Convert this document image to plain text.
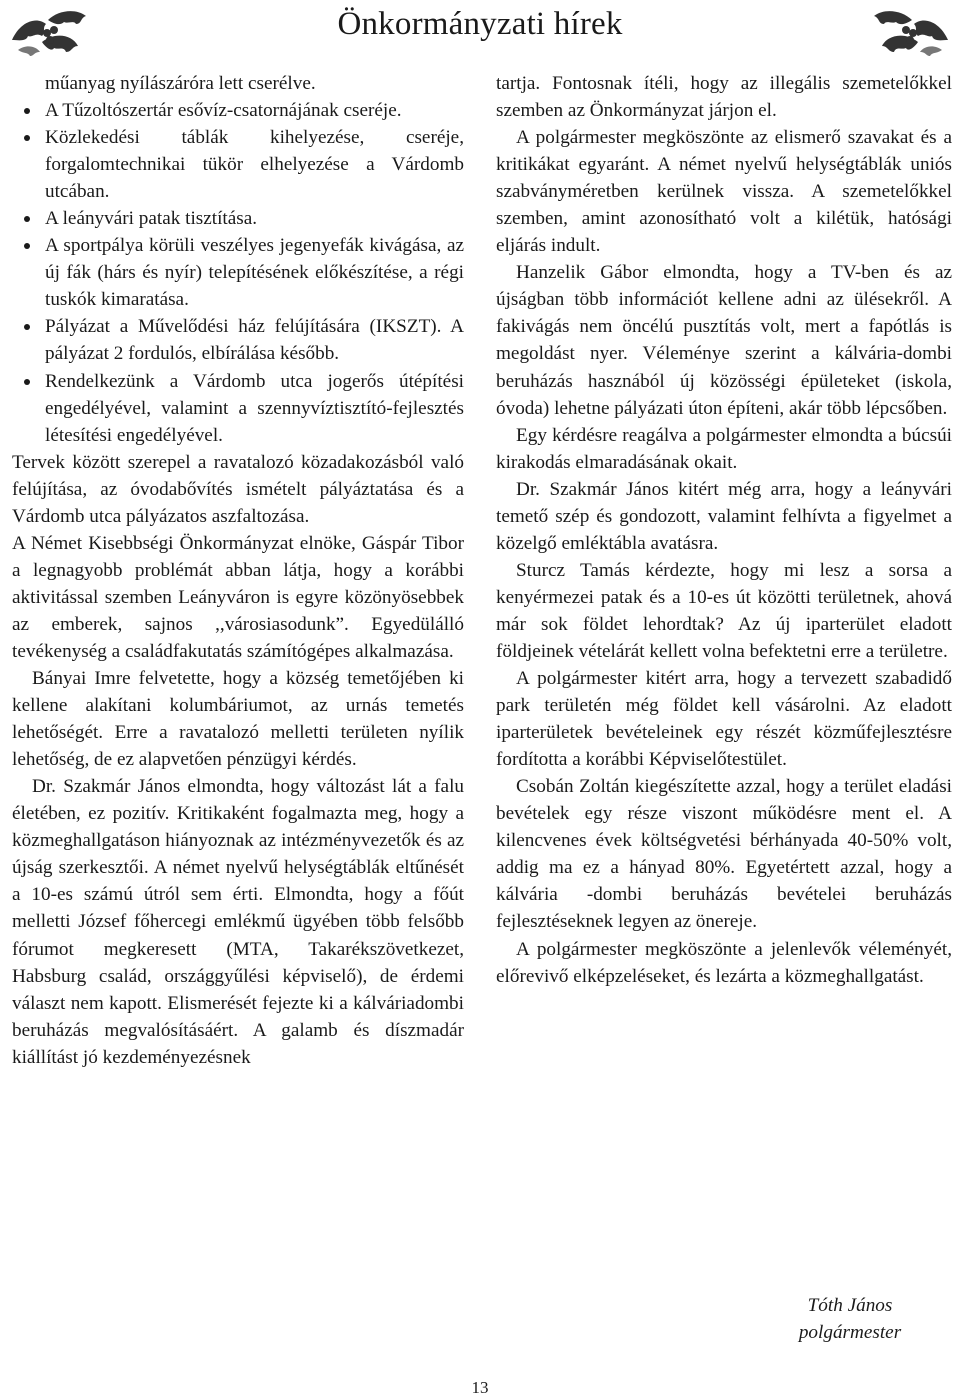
Önkormányzati hírek

műanyag nyílászáróra lett cserélve.

A Tűzoltószertár esővíz-csatornájának cseréje.
Közlekedési táblák kihelyezése, cseréje, forgalomtechnikai tükör elhelyezése a Várdomb utcában.
A leányvári patak tisztítása.
A sportpálya körüli veszélyes jegenyefák kivágása, az új fák (hárs és nyír) telepítésének előkészítése, a régi tuskók kimaratása.
Pályázat a Művelődési ház felújítására (IKSZT). A pályázat 2 fordulós, elbírálása később.
Rendelkezünk a Várdomb utca jogerős útépítési engedélyével, valamint a szennyvíztisztító-fejlesztés létesítési engedélyével.

Tervek között szerepel a ravatalozó közadakozásból való felújítása, az óvodabővítés ismételt pályáztatása és a Várdomb utca pályázatos aszfaltozása.

A Német Kisebbségi Önkormányzat elnöke, Gáspár Tibor a legnagyobb problémát abban látja, hogy a korábbi aktivitással szemben Leányváron is egyre közönyösebbek az emberek, sajnos ,,városiasodunk”. Egyedülálló tevékenység a családfakutatás számítógépes alkalmazása.

Bányai Imre felvetette, hogy a község temetőjében ki kellene alakítani kolumbáriumot, az urnás temetés lehetőségét. Erre a ravatalozó melletti területen nyílik lehetőség, de ez alapvetően pénzügyi kérdés.

Dr. Szakmár János elmondta, hogy változást lát a falu életében, ez pozitív. Kritikaként fogalmazta meg, hogy a közmeghallgatáson hiányoznak az intézményvezetők és az újság szerkesztői. A német nyelvű helységtáblák eltűnését a 10-es számú útról sem érti. Elmondta, hogy a főút melletti József főhercegi emlékmű ügyében több felsőbb fórumot megkeresett (MTA, Takarékszövetkezet, Habsburg család, országgyűlési képviselő), de érdemi választ nem kapott. Elismerését fejezte ki a kálváriadombi beruházás megvalósításáért. A galamb és díszmadár kiállítást jó kezdeményezésnek

tartja. Fontosnak ítéli, hogy az illegális szemetelőkkel szemben az Önkormányzat járjon el.

A polgármester megköszönte az elismerő szavakat és a kritikákat egyaránt. A német nyelvű helységtáblák uniós szabványméretben kerülnek vissza. A szemetelőkkel szemben, amint azonosítható volt a kilétük, hatósági eljárás indult.

Hanzelik Gábor elmondta, hogy a TV-ben és az újságban több információt kellene adni az ülésekről. A fakivágás nem öncélú pusztítás volt, mert a fapótlás is megoldást nyer. Véleménye szerint a kálvária-dombi beruházás hasznából új közösségi épületeket (iskola, óvoda) lehetne pályázati úton építeni, akár több lépcsőben.

Egy kérdésre reagálva a polgármester elmondta a búcsúi kirakodás elmaradásának okait.

Dr. Szakmár János kitért még arra, hogy a leányvári temető szép és gondozott, valamint felhívta a figyelmet a közelgő emléktábla avatásra.

Sturcz Tamás kérdezte, hogy mi lesz a sorsa a kenyérmezei patak és a 10-es út közötti területnek, ahová már sok földet lehordtak? Az új iparterület eladott földjeinek vételárát kellett volna befektetni erre a területre.

A polgármester kitért arra, hogy a tervezett szabadidő park területén még földet kell vásárolni. Az eladott iparterületek bevételeinek egy részét közműfejlesztésre fordította a korábbi Képviselőtestület.

Csobán Zoltán kiegészítette azzal, hogy a terület eladási bevételek egy része viszont működésre ment el. A kilencvenes évek költségvetési bérhányada 40-50% volt, addig ma ez a hányad 80%. Egyetértett azzal, hogy a kálvária -dombi beruházás bevételei beruházás fejlesztéseknek legyen az önereje.

A polgármester megköszönte a jelenlevők véleményét, előrevivő elképzeléseket, és lezárta a közmeghallgatást.

Tóth János
polgármester
13
